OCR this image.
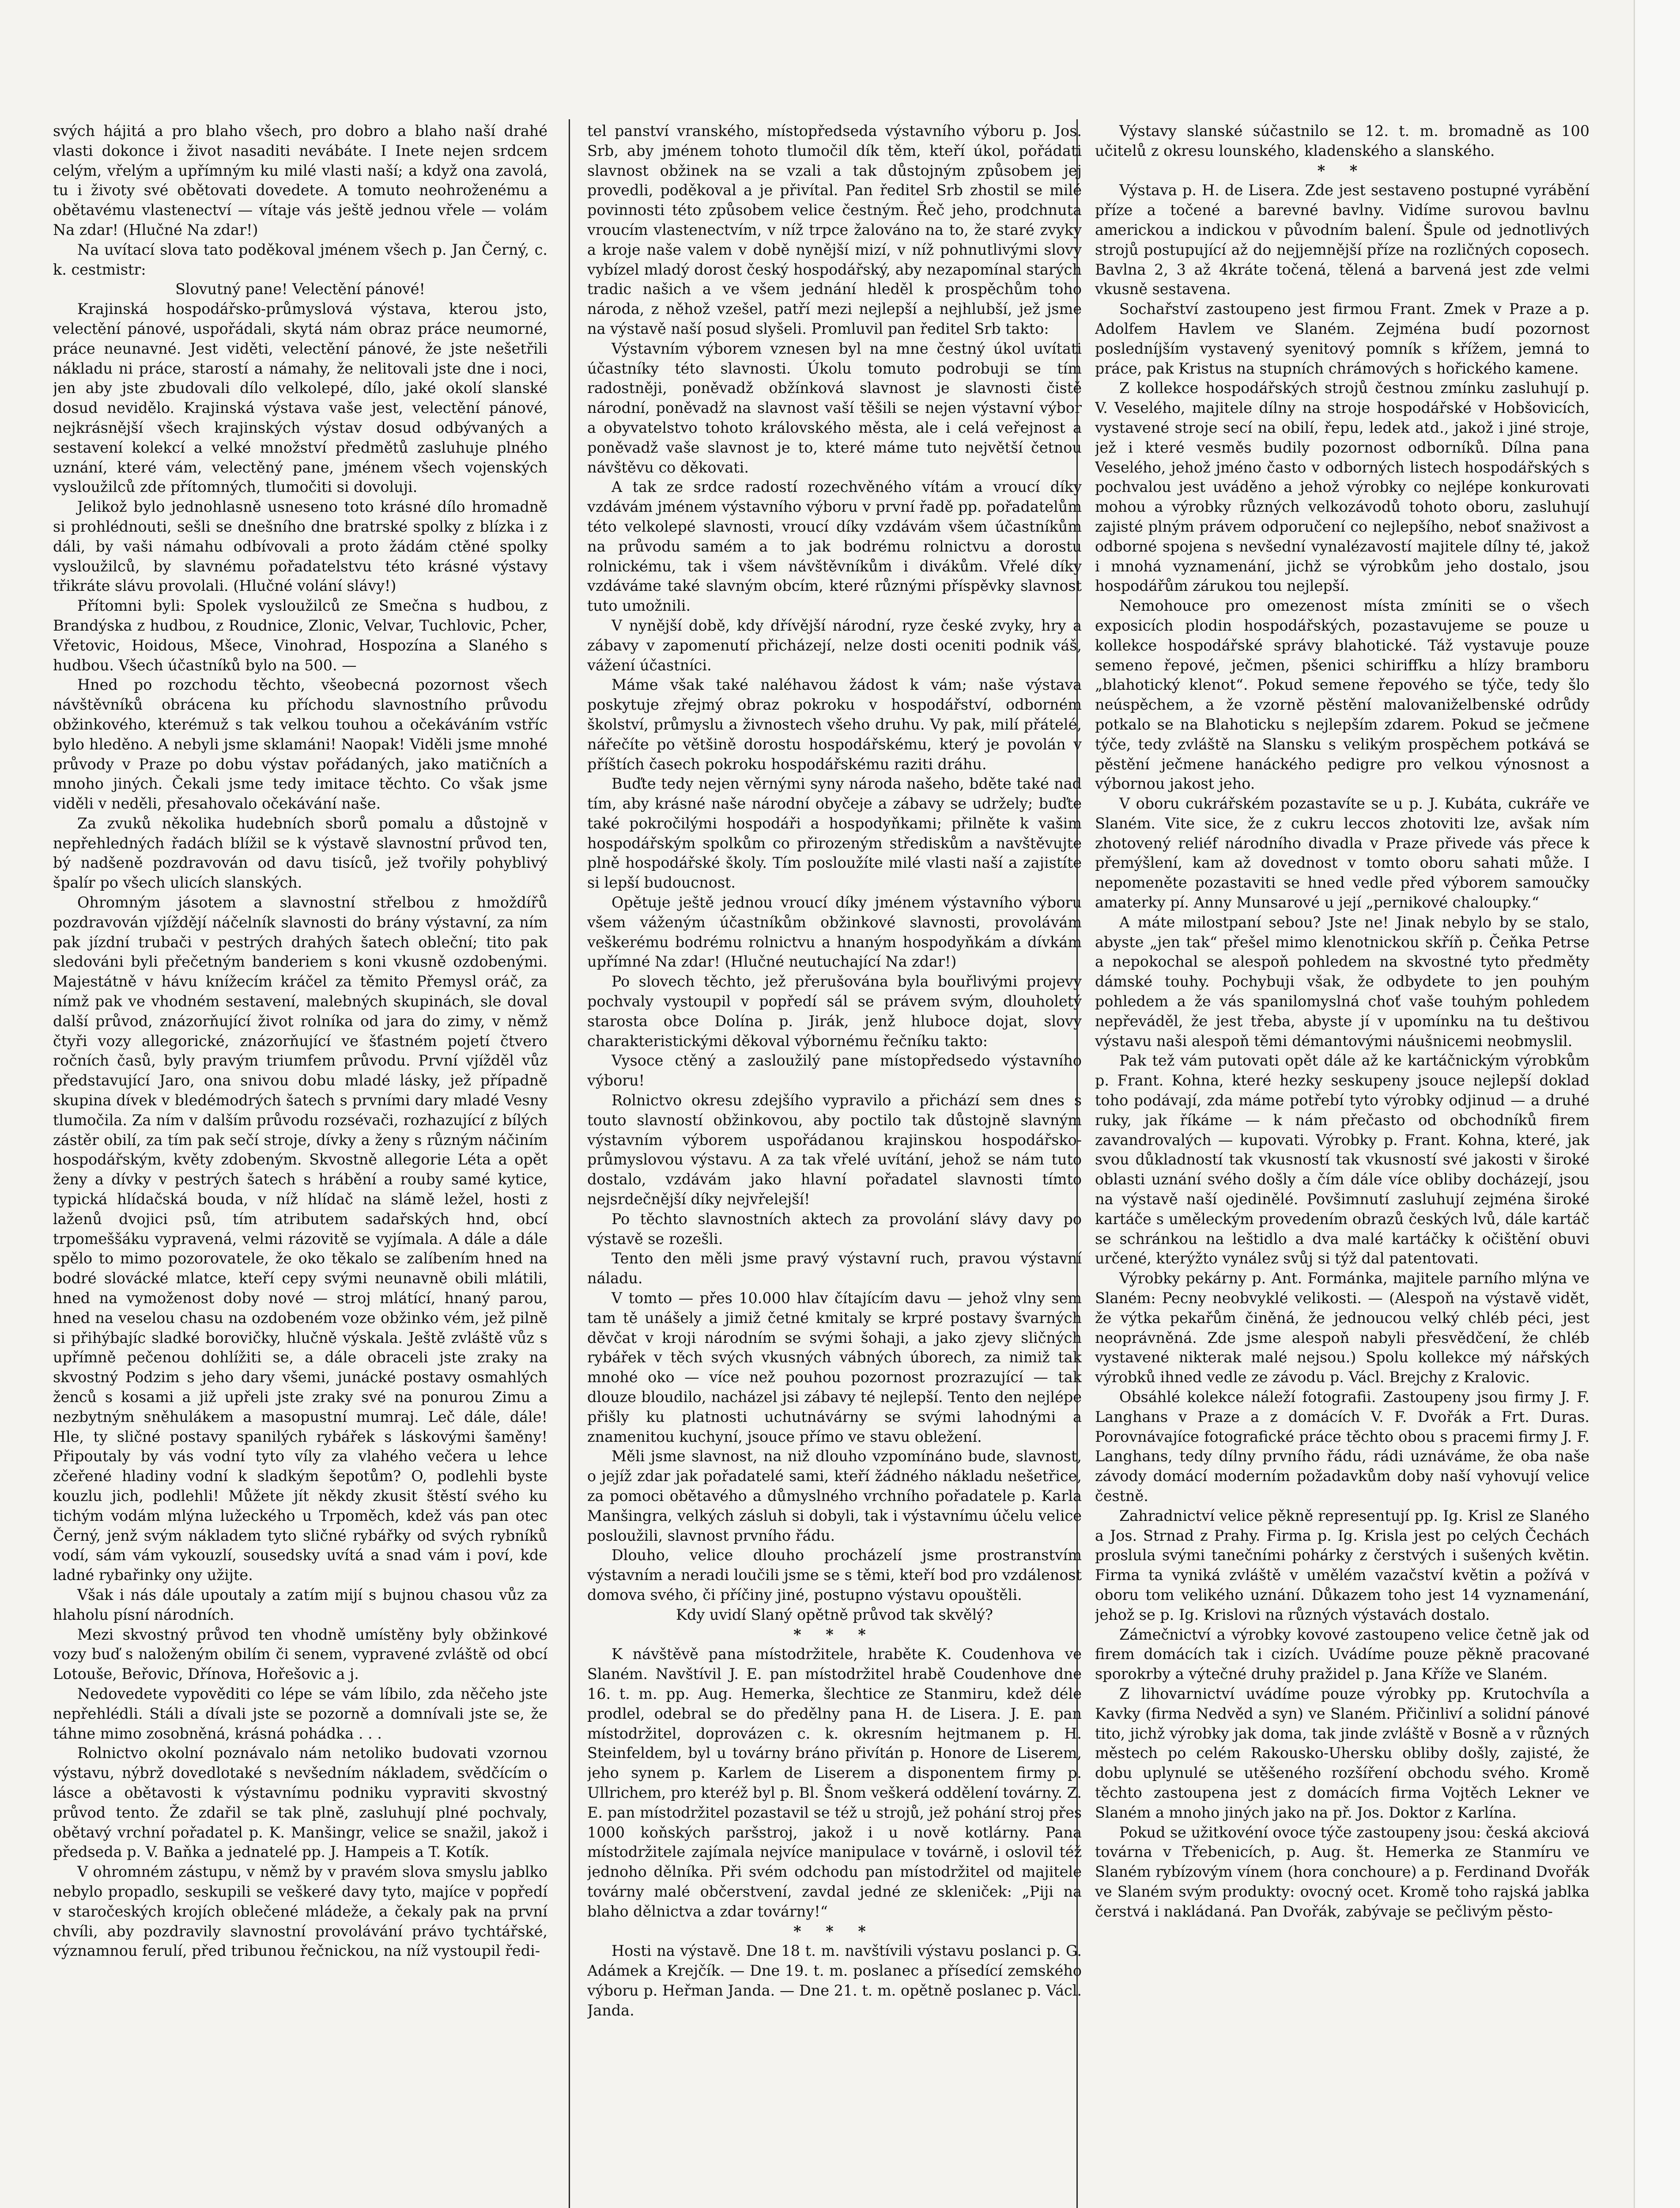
svých hájitá a pro blaho všech, pro dobro a blaho naší drahé vlasti dokonce i život nasaditi nevábáte. I Inete nejen srdcem celým, vřelým a upřímným ku milé vlasti naší; a když ona zavolá, tu i životy své obětovati dovedete. A tomuto neohroženému a obětavému vlastenectví — vítaje vás ještě jednou vřele — volám Na zdar! (Hlučné Na zdar!)

Na uvítací slova tato poděkoval jménem všech p. Jan Černý, c. k. cestmistr:

Slovutný pane! Velectění pánové!

Krajinská hospodářsko-průmyslová výstava, kterou jsto, velectění pánové, uspořádali, skytá nám obraz práce neumorné, práce neunavné. Jest viděti, velectění pánové, že jste nešetřili nákladu ni práce, starostí a námahy, že nelitovali jste dne i noci, jen aby jste zbudovali dílo velkolepé, dílo, jaké okolí slanské dosud nevidělo. Krajinská výstava vaše jest, velectění pánové, nejkrásnější všech krajinských výstav dosud odbývaných a sestavení kolekcí a velké množství předmětů zasluhuje plného uznání, které vám, velectěný pane, jménem všech vojenských vysloužilců zde přítomných, tlumočiti si dovoluji.

Jelikož bylo jednohlasně usneseno toto krásné dílo hromadně si prohlédnouti, sešli se dnešního dne bratrské spolky z blízka i z dáli, by vaši námahu odbívovali a proto žádám ctěné spolky vysloužilců, by slavnému pořadatelstvu této krásné výstavy třikráte slávu provolali. (Hlučné volání slávy!)

Přítomni byli: Spolek vysloužilců ze Smečna s hudbou, z Brandýska z hudbou, z Roudnice, Zlonic, Velvar, Tuchlovic, Pcher, Vřetovic, Hoidous, Mšece, Vinohrad, Hospozína a Slaného s hudbou. Všech účastníků bylo na 500. —

Hned po rozchodu těchto, všeobecná pozornost všech návštěvníků obrácena ku příchodu slavnostního průvodu obžinkového, kterémuž s tak velkou touhou a očekáváním vstříc bylo hleděno. A nebyli jsme sklamáni! Naopak! Viděli jsme mnohé průvody v Praze po dobu výstav pořádaných, jako matičních a mnoho jiných. Čekali jsme tedy imitace těchto. Co však jsme viděli v neděli, přesahovalo očekávání naše.

Za zvuků několika hudebních sborů pomalu a důstojně v nepřehledných řadách blížil se k výstavě slavnostní průvod ten, bý nadšeně pozdravován od davu tisíců, jež tvořily pohyblivý špalír po všech ulicích slanských.

Ohromným jásotem a slavnostní střelbou z hmoždířů pozdravován vjíždějí náčelník slavnosti do brány výstavní, za ním pak jízdní trubači v pestrých drahých šatech obleční; tito pak sledováni byli přečetným banderiem s koni vkusně ozdobenými. Majestátně v hávu knížecím kráčel za těmito Přemysl oráč, za nímž pak ve vhodném sestavení, malebných skupinách, sle doval další průvod, znázorňující život rolníka od jara do zimy, v němž čtyři vozy allegorické, znázorňující ve šťastném pojetí čtvero ročních časů, byly pravým triumfem průvodu. První vjížděl vůz představující Jaro, ona snivou dobu mladé lásky, jež případně skupina dívek v bledémodrých šatech s prvními dary mladé Vesny tlumočila. Za ním v dalším průvodu rozsévači, rozhazující z bílých zástěr obilí, za tím pak sečí stroje, dívky a ženy s různým náčiním hospodářským, květy zdobeným. Skvostně allegorie Léta a opět ženy a dívky v pestrých šatech s hrábění a rouby samé kytice, typická hlídačská bouda, v níž hlídač na slámě ležel, hosti z laženů dvojici psů, tím atributem sadařských hnd, obcí trpomeššáku vypravená, velmi rázovitě se vyjímala. A dále a dále spělo to mimo pozorovatele, že oko těkalo se zalíbením hned na bodré slovácké mlatce, kteří cepy svými neunavně obili mlátili, hned na vymoženost doby nové — stroj mlátící, hnaný parou, hned na veselou chasu na ozdobeném voze obžinko vém, jež pilně si přihýbajíc sladké borovičky, hlučně výskala. Ještě zvláště vůz s upřímně pečenou dohlížiti se, a dále obraceli jste zraky na skvostný Podzim s jeho dary všemi, junácké postavy osmahlých ženců s kosami a již upřeli jste zraky své na ponurou Zimu a nezbytným sněhulákem a masopustní mumraj. Leč dále, dále! Hle, ty sličné postavy spanilých rybářek s láskovými šaměny! Připoutaly by vás vodní tyto víly za vlahého večera u lehce zčeřené hladiny vodní k sladkým šepotům? O, podlehli byste kouzlu jich, podlehli! Můžete jít někdy zkusit štěstí svého ku tichým vodám mlýna lužeckého u Trpoměch, kdež vás pan otec Černý, jenž svým nákladem tyto sličné rybářky od svých rybníků vodí, sám vám vykouzlí, sousedsky uvítá a snad vám i poví, kde ladné rybařinky ony užijte.

Však i nás dále upoutaly a zatím mijí s bujnou chasou vůz za hlaholu písní národních.

Mezi skvostný průvod ten vhodně umístěny byly obžinkové vozy buď s naloženým obilím či senem, vypravené zvláště od obcí Lotouše, Beřovic, Dřínova, Hořešovic a j.

Nedovedete vypověditi co lépe se vám líbilo, zda něčeho jste nepřehlédli. Stáli a dívali jste se pozorně a domnívali jste se, že táhne mimo zosobněná, krásná pohádka . . .

Rolnictvo okolní poznávalo nám netoliko budovati vzornou výstavu, nýbrž dovedlotaké s nevšedním nákladem, svědčícím o lásce a obětavosti k výstavnímu podniku vypraviti skvostný průvod tento. Že zdařil se tak plně, zasluhují plné pochvaly, obětavý vrchní pořadatel p. K. Manšingr, velice se snažil, jakož i předseda p. V. Baňka a jednatelé pp. J. Hampeis a T. Kotík.

V ohromném zástupu, v němž by v pravém slova smyslu jablko nebylo propadlo, seskupili se veškeré davy tyto, majíce v popředí v staročeských krojích oblečené mládeže, a čekaly pak na první chvíli, aby pozdravily slavnostní provolávání právo tychtářské, významnou ferulí, před tribunou řečnickou, na níž vystoupil ředi-

tel panství vranského, místopředseda výstavního výboru p. Jos. Srb, aby jménem tohoto tlumočil dík těm, kteří úkol, pořádati slavnost obžinek na se vzali a tak důstojným způsobem jej provedli, poděkoval a je přivítal. Pan ředitel Srb zhostil se milé povinnosti této způsobem velice čestným. Řeč jeho, prodchnuta vroucím vlastenectvím, v níž trpce žalováno na to, že staré zvyky a kroje naše valem v době nynější mizí, v níž pohnutlivými slovy vybízel mladý dorost český hospodářský, aby nezapomínal starých tradic našich a ve všem jednání hleděl k prospěchům toho národa, z něhož vzešel, patří mezi nejlepší a nejhlubší, jež jsme na výstavě naší posud slyšeli. Promluvil pan ředitel Srb takto:

Výstavním výborem vznesen byl na mne čestný úkol uvítati účastníky této slavnosti. Úkolu tomuto podrobuji se tím radostněji, poněvadž obžínková slavnost je slavnosti čistě národní, poněvadž na slavnost vaší těšili se nejen výstavní výbor a obyvatelstvo tohoto královského města, ale i celá veřejnost a poněvadž vaše slavnost je to, které máme tuto největší četnou návštěvu co děkovati.

A tak ze srdce radostí rozechvěného vítám a vroucí díky vzdávám jménem výstavního výboru v první řadě pp. pořadatelům této velkolepé slavnosti, vroucí díky vzdávám všem účastníkům na průvodu samém a to jak bodrému rolnictvu a dorostu rolnickému, tak i všem návštěvníkům i divákům. Vřelé díky vzdáváme také slavným obcím, které různými příspěvky slavnost tuto umožnili.

V nynější době, kdy dřívější národní, ryze české zvyky, hry a zábavy v zapomenutí přicházejí, nelze dosti oceniti podnik váš, vážení účastníci.

Máme však také naléhavou žádost k vám; naše výstava poskytuje zřejmý obraz pokroku v hospodářství, odborném školství, průmyslu a živnostech všeho druhu. Vy pak, milí přátelé, nářečíte po většině dorostu hospodářskému, který je povolán v příštích časech pokroku hospodářskému raziti dráhu.

Buďte tedy nejen věrnými syny národa našeho, bděte také nad tím, aby krásné naše národní obyčeje a zábavy se udržely; buďte také pokročilými hospodáři a hospodyňkami; přilněte k vašim hospodářským spolkům co přirozeným střediskům a navštěvujte plně hospodářské školy. Tím posloužíte milé vlasti naší a zajistíte si lepší budoucnost.

Opětuje ještě jednou vroucí díky jménem výstavního výboru všem váženým účastníkům obžinkové slavnosti, provolávám veškerému bodrému rolnictvu a hnaným hospodyňkám a dívkám upřímné Na zdar! (Hlučné neutuchající Na zdar!)

Po slovech těchto, jež přerušována byla bouřlivými projevy pochvaly vystoupil v popředí sál se právem svým, dlouholetý starosta obce Dolína p. Jirák, jenž hlubocе dojat, slovy charakteristickými děkoval výbornému řečníku takto:

Vysoce ctěný a zasloužilý pane místopředsedo výstavního výboru!

Rolnictvo okresu zdejšího vypravilo a přichází sem dnes s touto slavností obžinkovou, aby poctilo tak důstojně slavným výstavním výborem uspořádanou krajinskou hospodářsko-průmyslovou výstavu. A za tak vřelé uvítání, jehož se nám tuto dostalo, vzdávám jako hlavní pořadatel slavnosti tímto nejsrdečnější díky nejvřelejší!

Po těchto slavnostních aktech za provolání slávy davy po výstavě se rozešli.

Tento den měli jsme pravý výstavní ruch, pravou výstavní náladu.

V tomto — přes 10.000 hlav čítajícím davu — jehož vlny sem tam tě unášely a jimiž četné kmitaly se krpré postavy švarných děvčat v kroji národním se svými šohaji, a jako zjevy sličných rybářek v těch svých vkusných vábných úborech, za nimiž tak mnohé oko — více než pouhou pozornost prozrazující — tak dlouze bloudilo, nacházel jsi zábavy té nejlepší. Tento den nejlépe přišly ku platnosti uchutnávárny se svými lahodnými a znamenitou kuchyní, jsouce přímo ve stavu obležení.

Měli jsme slavnost, na niž dlouho vzpomínáno bude, slavnost, o jejíž zdar jak pořadatelé sami, kteří žádného nákladu nešetřice, za pomoci obětavého a důmyslného vrchního pořadatele p. Karla Manšingra, velkých zásluh si dobyli, tak i výstavnímu účelu velice posloužili, slavnost prvního řádu.

Dlouho, velice dlouho procházelí jsme prostranstvím výstavním a neradi loučili jsme se s těmi, kteří bod pro vzdálenost domova svého, či příčiny jiné, postupno výstavu opouštěli.

Kdy uvidí Slaný opětně průvod tak skvělý?

* * *

K návštěvě pana místodržitele, hraběte K. Coudenhova ve Slaném. Navštívil J. E. pan místodržitel hrabě Coudenhove dne 16. t. m. pp. Aug. Hemerka, šlechtice ze Stanmiru, kdež déle prodlel, odebral se do předělny pana H. de Lisera. J. E. pan místodržitel, doprovázen c. k. okresním hejtmanem p. H. Steinfeldem, byl u továrny bráno přivítán p. Honore de Liserem, jeho synem p. Karlem de Liserem a disponentem firmy p. Ullrichem, pro kteréž byl p. Bl. Šnom veškerá oddělení továrny. Z. E. pan místodržitel pozastavil se též u strojů, jež pohání stroj přes 1000 koňských paršstroj, jakož i u nově kotlárny. Pana místodržitele zajímala nejvíce manipulace v továrně, i oslovil též jednoho dělníka. Při svém odchodu pan místodržitel od majitele továrny malé občerstvení, zavdal jedné ze skleniček: „Piji na blaho dělnictva a zdar továrny!“

* * *

Hosti na výstavě. Dne 18 t. m. navštívili výstavu poslanci p. G. Adámek a Krejčík. — Dne 19. t. m. poslanec a přísedící zemského výboru p. Heřman Janda. — Dne 21. t. m. opětně poslanec p. Václ. Janda.

Výstavy slanské súčastnilo se 12. t. m. bromadně as 100 učitelů z okresu lounského, kladenského a slanského.

* *

Výstava p. H. de Lisera. Zde jest sestaveno postupné vyrábění příze a točené a barevné bavlny. Vidíme surovou bavlnu americkou a indickou v původním balení. Špule od jednotlivých strojů postupující až do nejjemnější příze na rozličných coposech. Bavlna 2, 3 až 4kráte točená, tělená a barvená jest zde velmi vkusně sestavena.

Sochařství zastoupeno jest firmou Frant. Zmek v Praze a p. Adolfem Havlem ve Slaném. Zejména budí pozornost posledníjším vystavený syenitový pomník s křížem, jemná to práce, pak Kristus na stupních chrámových s hořického kamene.

Z kollekce hospodářských strojů čestnou zmínku zasluhují p. V. Veselého, majitele dílny na stroje hospodářské v Hobšovicích, vystavené stroje secí na obilí, řepu, ledek atd., jakož i jiné stroje, jež i které vesměs budily pozornost odborníků. Dílna pana Veselého, jehož jméno často v odborných listech hospodářských s pochvalou jest uváděno a jehož výrobky co nejlépe konkurovati mohou a výrobky různých velkozávodů tohoto oboru, zasluhují zajisté plným právem odporučení co nejlepšího, neboť snaživost a odborné spojena s nevšední vynalézavostí majitele dílny té, jakož i mnohá vyznamenání, jichž se výrobkům jeho dostalo, jsou hospodářům zárukou tou nejlepší.

Nemohouce pro omezenost místa zmíniti se o všech exposicích plodin hospodářských, pozastavujeme se pouze u kollekce hospodářské správy blahotické. Táž vystavuje pouze semeno řepové, ječmen, pšenici schiriffku a hlízy bramboru „blahotický klenot“. Pokud semene řepového se týče, tedy šlo neúspěchem, a že vzorně pěstění malovaniželbenské odrůdy potkalo se na Blahoticku s nejlepším zdarem. Pokud se ječmene týče, tedy zvláště na Slansku s velikým prospěchem potkává se pěstění ječmene hanáckého pedigre pro velkou výnosnost a výbornou jakost jeho.

V oboru cukrářském pozastavíte se u p. J. Kubáta, cukráře ve Slaném. Vite sice, že z cukru leccos zhotoviti lze, avšak ním zhotovený reliéf národního divadla v Praze přivede vás přece k přemýšlení, kam až dovednost v tomto oboru sahati může. I nepomeněte pozastaviti se hned vedle před výborem samoučky amaterky pí. Anny Munsarové u její „pernikové chaloupky.“

A máte milostpaní sebou? Jste ne! Jinak nebylo by se stalo, abyste „jen tak“ přešel mimo klenotnickou skříň p. Čeňka Petrse a nepokochal se alespoň pohledem na skvostné tyto předměty dámské touhy. Pochybuji však, že odbydete to jen pouhým pohledem a že vás spanilomyslná choť vaše touhým pohledem nepřeváděl, že jest třeba, abyste jí v upomínku na tu deštivou výstavu naši alespoň těmi démantovými náušnicemi neobmyslil.

Pak tež vám putovati opět dále až ke kartáčnickým výrobkům p. Frant. Kohna, které hezky seskupeny jsouce nejlepší doklad toho podávají, zda máme potřebí tyto výrobky odjinud — a druhé ruky, jak říkáme — k nám přečasto od obchodníků firem zavandrovalých — kupovati. Výrobky p. Frant. Kohna, které, jak svou důkladností tak vkusností tak vkusností své jakosti v široké oblasti uznání svého došly a čím dále více oblibу docházejí, jsou na výstavě naší ojedinělé. Povšimnutí zasluhují zejména široké kartáče s uměleckým provedením obrazů českých lvů, dále kartáč se schránkou na leštidlo a dva malé kartáčky k očištění obuvi určené, kterýžto vynález svůj si týž dal patentovati.

Výrobky pekárny p. Ant. Formánka, majitele parního mlýna ve Slaném: Pecny neobvyklé velikosti. — (Alespoň na výstavě vidět, že výtka pekařům činěná, že jednoucou velký chléb péci, jest neoprávněná. Zde jsme alespoň nabyli přesvědčení, že chléb vystavené nikterak malé nejsou.) Spolu kollekce mý nářských výrobků ihned vedle ze závodu p. Václ. Brejchy z Kralovic.

Obsáhlé kolekce náleží fotografii. Zastoupeny jsou firmy J. F. Langhans v Praze a z domácích V. F. Dvořák a Frt. Duras. Porovnávajíce fotografické práce těchto obou s pracemi firmy J. F. Langhans, tedy dílny prvního řádu, rádi uznáváme, že oba naše závody domácí moderním požadavkům doby naší vyhovují velice čestně.

Zahradnictví velice pěkně representují pp. Ig. Krisl ze Slaného a Jos. Strnad z Prahy. Firma p. Ig. Krisla jest po celých Čechách proslula svými tanečními pohárky z čerstvých i sušených květin. Firma ta vyniká zvláště v umělém vazačství květin a požívá v oboru tom velikého uznání. Důkazem toho jest 14 vyznamenání, jehož se p. Ig. Krislovi na různých výstavách dostalo.

Zámečnictví a výrobky kovové zastoupeno velice četně jak od firem domácích tak i cizích. Uvádíme pouze pěkně pracované sporokrby a výtečné druhy pražidel p. Jana Kříže ve Slaném.

Z lihovarnictví uvádíme pouze výrobky pp. Krutochvíla a Kavky (firma Nedvěd a syn) ve Slaném. Přičinliví a solidní pánové tito, jichž výrobky jak doma, tak jinde zvláště v Bosně a v různých městech po celém Rakousko-Uhersku oblibу došly, zajisté, že dobu uplynulé se utěšeného rozšíření obchodu svého. Kromě těchto zastoupena jest z domácích firma Vojtěch Lekner ve Slaném a mnoho jiných jako na př. Jos. Doktor z Karlína.

Pokud se užitkovéní ovoce týče zastoupeny jsou: česká akciová továrna v Třebenicích, p. Aug. št. Hemerka ze Stanmíru ve Slaném rybízovým vínem (hora conchoure) a p. Ferdinand Dvořák ve Slaném svým produkty: ovocný ocet. Kromě toho rajská jablka čerstvá i nakládaná. Pan Dvořák, zabývaje se pečlivým pěsto-
